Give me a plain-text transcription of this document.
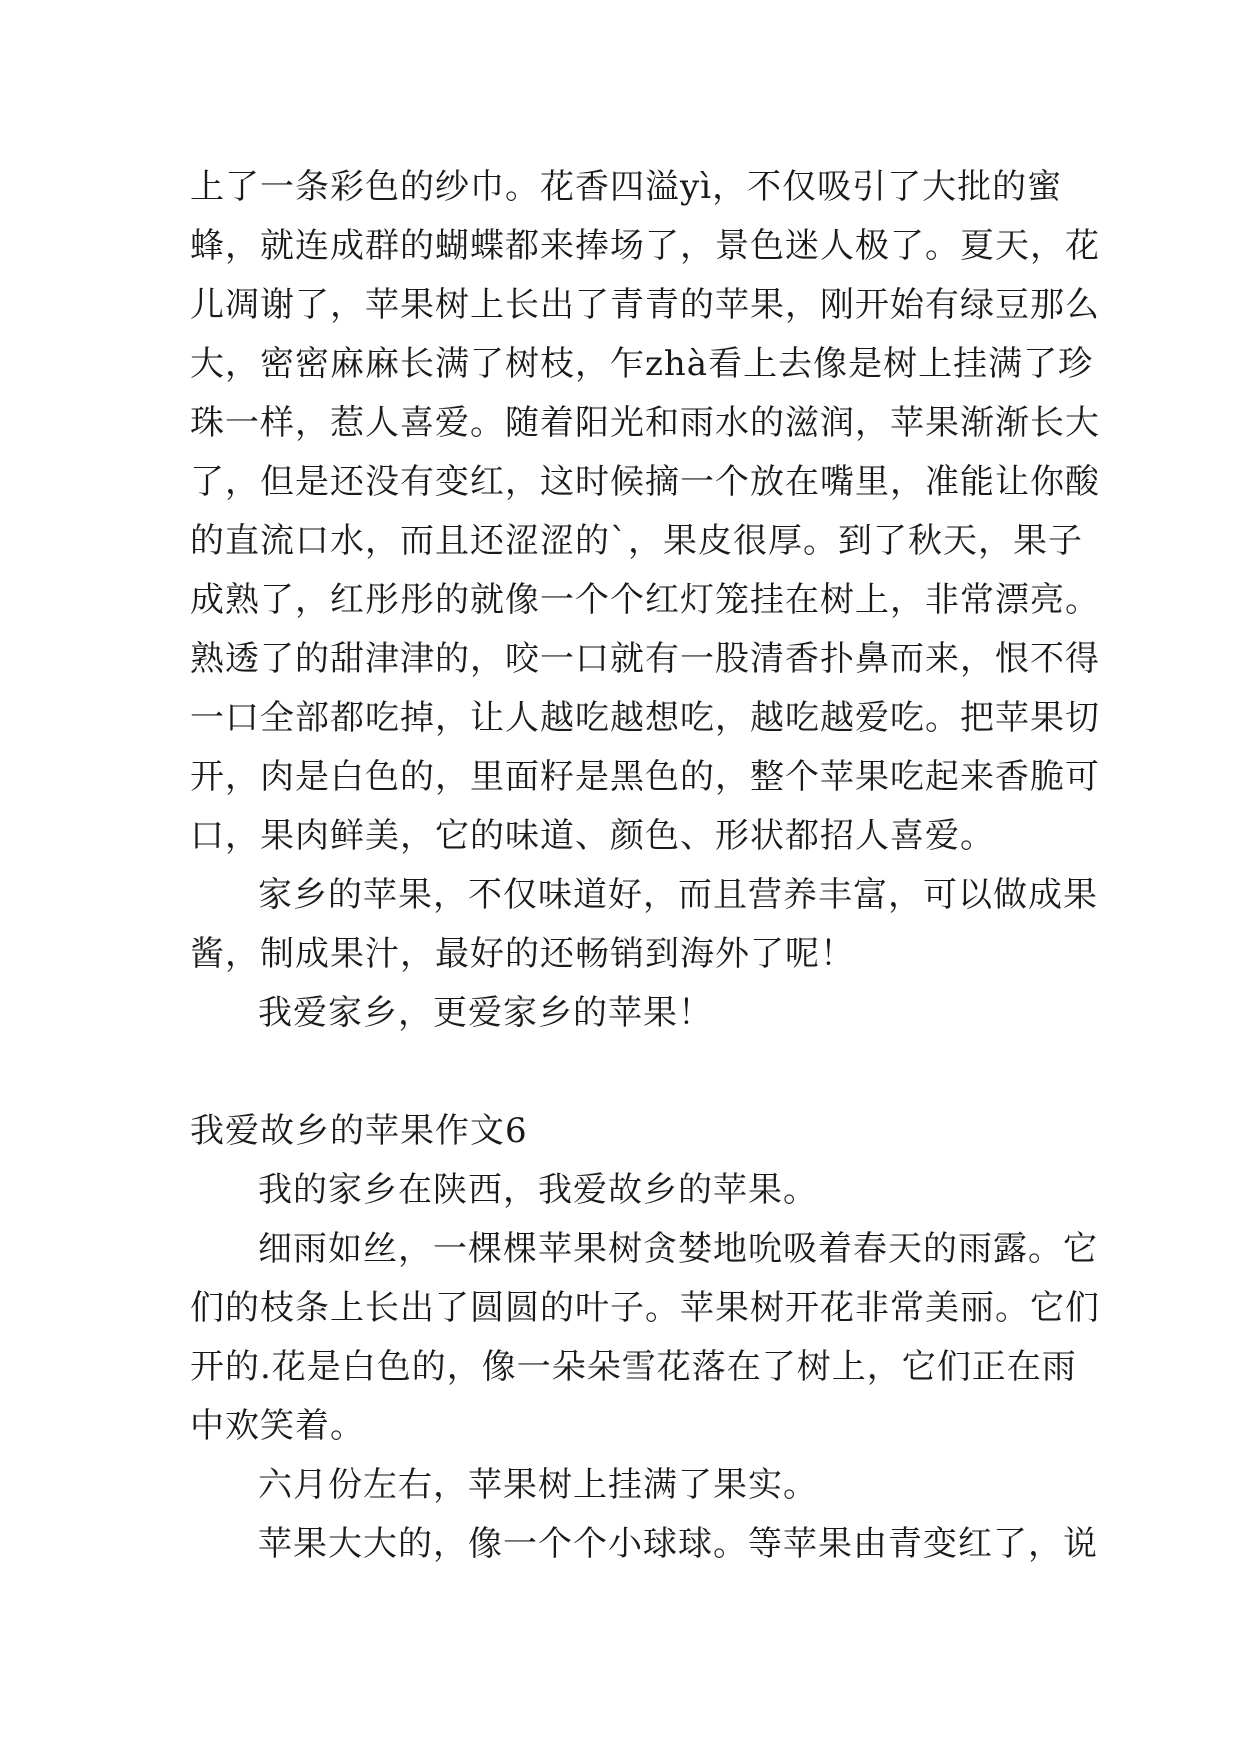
上了一条彩色的纱巾。花香四溢yì，不仅吸引了大批的蜜
蜂，就连成群的蝴蝶都来捧场了，景色迷人极了。夏天，花
儿凋谢了，苹果树上长出了青青的苹果，刚开始有绿豆那么
大，密密麻麻长满了树枝，乍zhà看上去像是树上挂满了珍
珠一样，惹人喜爱。随着阳光和雨水的滋润，苹果渐渐长大
了，但是还没有变红，这时候摘一个放在嘴里，准能让你酸
的直流口水，而且还涩涩的`，果皮很厚。到了秋天，果子
成熟了，红彤彤的就像一个个红灯笼挂在树上，非常漂亮。
熟透了的甜津津的，咬一口就有一股清香扑鼻而来，恨不得
一口全部都吃掉，让人越吃越想吃，越吃越爱吃。把苹果切
开，肉是白色的，里面籽是黑色的，整个苹果吃起来香脆可
口，果肉鲜美，它的味道、颜色、形状都招人喜爱。
家乡的苹果，不仅味道好，而且营养丰富，可以做成果
酱，制成果汁，最好的还畅销到海外了呢！
我爱家乡，更爱家乡的苹果！
我爱故乡的苹果作文6
我的家乡在陕西，我爱故乡的苹果。
细雨如丝，一棵棵苹果树贪婪地吮吸着春天的雨露。它
们的枝条上长出了圆圆的叶子。苹果树开花非常美丽。它们
开的.花是白色的，像一朵朵雪花落在了树上，它们正在雨
中欢笑着。
六月份左右，苹果树上挂满了果实。
苹果大大的，像一个个小球球。等苹果由青变红了，说
